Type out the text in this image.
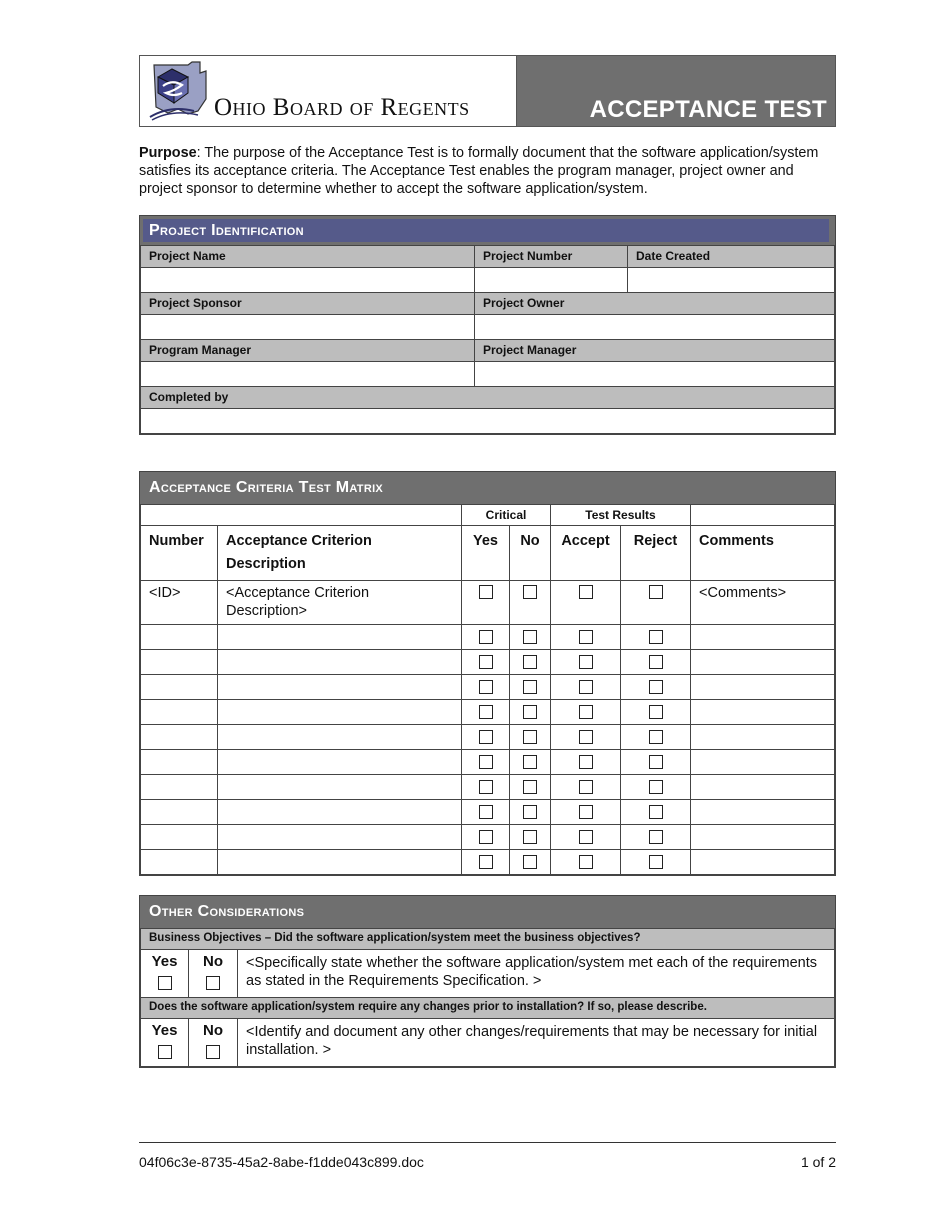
Ohio Board of Regents	ACCEPTANCE TEST
Purpose: The purpose of the Acceptance Test is to formally document that the software application/system satisfies its acceptance criteria. The Acceptance Test enables the program manager, project owner and project sponsor to determine whether to accept the software application/system.
Project Identification
Project Name	Project Number	Date Created

Project Sponsor	Project Owner	

Program Manager	Project Manager	

Completed by		

Acceptance Criteria Test Matrix
		Critical		Test Results		
Number	Acceptance Criterion Description	Yes	No	Accept	Reject	Comments
<ID>	<Acceptance Criterion Description>					<Comments>

Other Considerations
Business Objectives – Did the software application/system meet the business objectives?		

Yes	No	<Specifically state whether the software application/system met each of the requirements as stated in the Requirements Specification. >
Does the software application/system require any changes prior to installation? If so, please describe.		

Yes	No	<Identify and document any other changes/requirements that may be necessary for initial installation. >
04f06c3e-8735-45a2-8abe-f1dde043c899.doc	1 of 2
